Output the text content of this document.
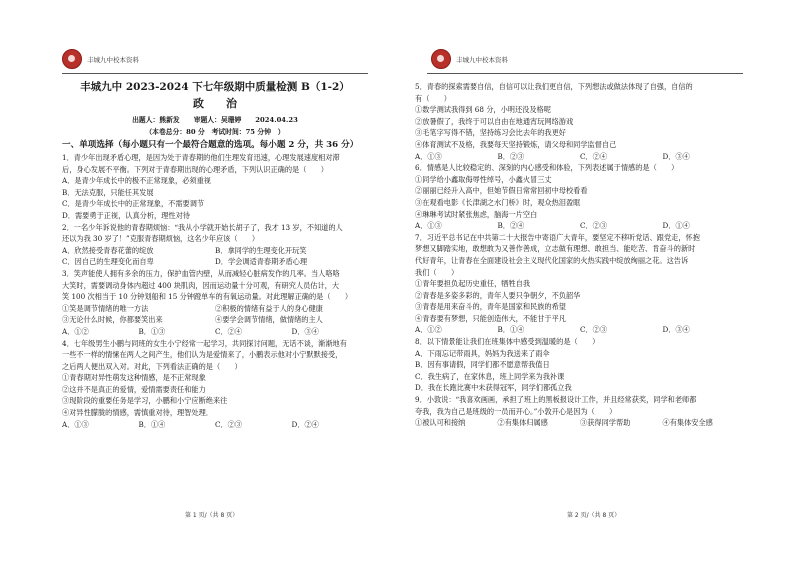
丰城九中校本资料
丰城九中 2023-2024 下七年级期中质量检测 B（1-2）
政治
出题人：熊新发 审题人：吴珊婷 2024.04.23
（本卷总分：80 分　考试时间：75 分钟　）
一、单项选择（每小题只有一个最符合题意的选项。每小题 2 分，共 36 分）
1．青少年出现矛盾心理，是因为处于青春期的他们生理发育迅速，心理发展速度相对滞
后，身心发展不平衡。下列对于青春期出现的心理矛盾，下列认识正确的是（　　）
A．是青少年成长中的极不正常现象，必须重视
B．无法克服，只能任其发展
C．是青少年成长中的正常现象，不需要调节
D．需要勇于正视，认真分析，理性对待
2．一名少年诉说他的青春期烦恼：“我从小学就开始长胡子了，我才 13 岁，不知道的人
还以为我 30 岁了！”克服青春期烦恼，这名少年应该（　　）
A．欣然接受青春花蕾的绽放	B．拿同学的生理变化开玩笑
C．因自己的生理变化而自卑	D．学会调适青春期矛盾心理
3．笑声能使人拥有多余的压力，保护血管内壁，从而减轻心脏病发作的几率。当人咯咯
大笑时，需要调动身体内超过 400 块肌肉，因而运动量十分可观，有研究人员估计，大
笑 100 次相当于 10 分钟划船和 15 分钟蹬单车的有氧运动量。对此理解正确的是（　　）
①笑是调节情绪的唯一方法	②积极的情绪有益于人的身心健康
③无论什么时候，你都要笑出来	④要学会调节情绪，做情绪的主人
A．①②	B．①③	C．②④	D．③④
4．七年级男生小鹏与同班的女生小宁经常一起学习，共同探讨问题，无话不谈，渐渐地有
一些不一样的情愫在两人之间产生，他们认为是爱情来了，小鹏表示他对小宁默默接受，
之后两人便出双入对。对此，下列看法正确的是（　　）
①青春期对异性萌发这种情感，是不正常现象
②这并不是真正的爱情，爱情需要责任和能力
③现阶段的重要任务是学习，小鹏和小宁应断绝来往
④对异性朦胧的情感，需慎重对待，理智处理．
A．①③	B．①④	C．②③	D．②④
第 1 页/（共 8 页）
丰城九中校本资料
5．青春的探索需要自信，自信可以让我们更自信，下列想法或做法体现了自强，自信的
有（　　）
①数学测试我得到 68 分，小明还没及格呢
②放暑假了，我终于可以自由在地通宵玩网络游戏
③毛笔字写得不错，坚持练习会比去年的我更好
④体育测试不及格，我要每天坚持锻炼，请父母和同学监督自己
A．①③	B．②③	C．②④	D．③④
6．情感是人比较稳定的、深刻的内心感受和体验，下列表述属于情感的是（　　）
①同学给小鑫取侮辱性绰号，小鑫火冒三丈
②丽丽已经升入高中，但她节假日常常回初中母校看看
③在观看电影《长津湖之水门桥》时，观众热泪盈眶
④琳琳考试时紧张焦虑，脑海一片空白
A．①③	B．②④	C．②③	D．①④
7．习近平总书记在中共第二十大报告中寄语广大青年，要坚定不移听党话、跟党走，怀抱
梦想又脚踏实地，敢想敢为又善作善成，立志做有理想、敢担当、能吃苦、肯奋斗的新时
代好青年，让青春在全面建设社会主义现代化国家的火热实践中绽放绚丽之花。这告诉
我们（　　）
①青年要担负起历史重任，牺牲自我
②青春是多姿多彩的，青年人要只争朝夕，不负韶华
③青春是用来奋斗的，青年是国家和民族的希望
④青春要有梦想，只能创造伟大，不能甘于平凡
A．①②	B．①④	C．②③	D．③④
8．以下情景能让我们在班集体中感受到温暖的是（　　）
A．下雨忘记带雨具，妈妈为我送来了雨伞
B．因有事请假，同学们都不愿意帮我值日
C．我生病了，在家休息，班上同学来为我补课
D．我在长跑比赛中未获得冠军，同学们都孤立我
9．小敦说：“我喜欢画画，承担了班上的黑板报设计工作，并且经常获奖，同学和老师都
夸我，我为自己是班级的一员而开心。”小敦开心是因为（　　）
①被认可和接纳	②有集体归属感	③获得同学帮助	④有集体安全感
第 2 页/（共 8 页）
